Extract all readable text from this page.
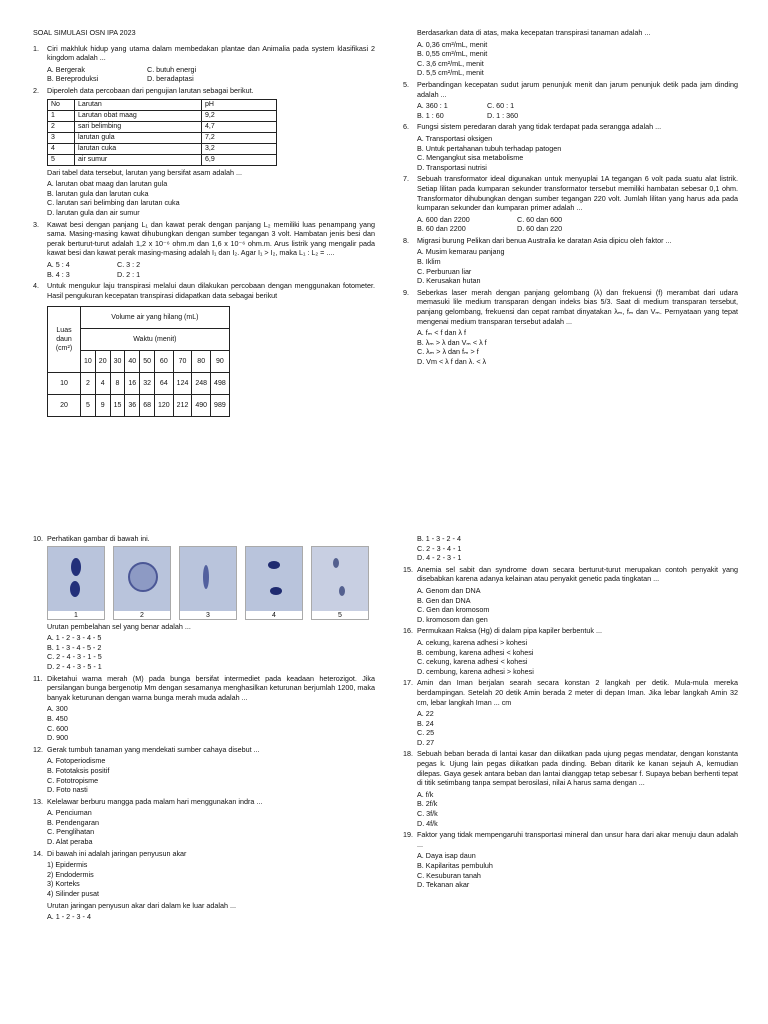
SOAL SIMULASI OSN IPA 2023
1.	Ciri makhluk hidup yang utama dalam membedakan plantae dan Animalia pada system klasifikasi 2 kingdom adalah ...
A. Bergerak	C. butuh energi
B. Bereproduksi	D. beradaptasi
2.	Diperoleh data percobaan dari pengujian larutan sebagai berikut.
No	Larutan	pH
1	Larutan obat maag	9,2
2	sari belimbing	4,7
3	larutan gula	7,2
4	larutan cuka	3,2
5	air sumur	6,9
Dari tabel data tersebut, larutan yang bersifat asam adalah ...
A. larutan obat maag dan larutan gula
B. larutan gula dan larutan cuka
C. larutan sari belimbing dan larutan cuka
D. larutan gula dan air sumur
3.	Kawat besi dengan panjang L₁ dan kawat perak dengan panjang L₂ memiliki luas penampang yang sama. Masing-masing kawat dihubungkan dengan sumber tegangan 3 volt. Hambatan jenis besi dan perak berturut-turut adalah 1,2 x 10⁻⁶ ohm.m dan 1,6 x 10⁻⁶ ohm.m. Arus listrik yang mengalir pada kawat besi dan kawat perak masing-masing adalah I₁ dan I₂. Agar I₁ > I₂, maka L₁ : L₂ = ....
A. 5 : 4	C. 3 : 2
B. 4 : 3	D. 2 : 1
4.	Untuk mengukur laju transpirasi melalui daun dilakukan percobaan dengan menggunakan fotometer. Hasil pengukuran kecepatan transpirasi didapatkan data sebagai berikut
Luas daun (cm²)	Volume air yang hilang (mL)								
	Waktu (menit)								
	10	20	30	40	50	60	70	80	90
10	2	4	8	16	32	64	124	248	498
20	5	9	15	36	68	120	212	490	989
Berdasarkan data di atas, maka kecepatan transpirasi tanaman adalah ...
A. 0,36 cm²/mL, menit
B. 0,55 cm²/mL, menit
C. 3,6 cm²/mL, menit
D. 5,5 cm²/mL, menit
5.	Perbandingan kecepatan sudut jarum penunjuk menit dan jarum penunjuk detik pada jam dinding adalah ...
A. 360 : 1	C. 60 : 1
B. 1 : 60	D. 1 : 360
6.	Fungsi sistem peredaran darah yang tidak terdapat pada serangga adalah ...
A. Transportasi oksigen
B. Untuk pertahanan tubuh terhadap patogen
C. Mengangkut sisa metabolisme
D. Transportasi nutrisi
7.	Sebuah transformator ideal digunakan untuk menyuplai 1A tegangan 6 volt pada suatu alat listrik. Setiap lilitan pada kumparan sekunder transformator tersebut memiliki hambatan sebesar 0,1 ohm. Transformator dihubungkan dengan sumber tegangan 220 volt. Jumlah lilitan yang harus ada pada kumparan sekunder dan kumparan primer adalah ...
A. 600 dan 2200	C. 60 dan 600
B. 60 dan 2200	D. 60 dan 220
8.	Migrasi burung Pelikan dari benua Australia ke daratan Asia dipicu oleh faktor ...
A. Musim kemarau panjang
B. Iklim
C. Perburuan liar
D. Kerusakan hutan
9.	Seberkas laser merah dengan panjang gelombang (λ) dan frekuensi (f) merambat dari udara memasuki lile medium transparan dengan indeks bias 5/3. Saat di medium transparan tersebut, panjang gelombang, frekuensi dan cepat rambat dinyatakan λₘ, fₘ dan Vₘ. Pernyataan yang tepat mengenai medium transparan tersebut adalah ...
A. fₘ < f dan λ f
B. λₘ > λ dan Vₘ < λ f
C. λₘ > λ dan fₘ > f
D. Vm < λ f dan λ. < λ
10. Perhatikan gambar di bawah ini.
1	2	3	4	5
Urutan pembelahan sel yang benar adalah ...
A. 1 - 2 - 3 - 4 - 5
B. 1 - 3 - 4 - 5 - 2
C. 2 - 4 - 3 - 1 - 5
D. 2 - 4 - 3 - 5 - 1
11. Diketahui warna merah (M) pada bunga bersifat intermediet pada keadaan heterozigot. Jika persilangan bunga bergenotip Mm dengan sesamanya menghasilkan keturunan berjumlah 1200, maka banyak keturunan dengan warna bunga merah muda adalah ...
A. 300
B. 450
C. 600
D. 900
12. Gerak tumbuh tanaman yang mendekati sumber cahaya disebut ...
A. Fotoperiodisme
B. Fototaksis positif
C. Fototropisme
D. Foto nasti
13. Kelelawar berburu mangga pada malam hari menggunakan indra ...
A. Penciuman
B. Pendengaran
C. Penglihatan
D. Alat peraba
14. Di bawah ini adalah jaringan penyusun akar
1) Epidermis
2) Endodermis
3) Korteks
4) Silinder pusat
Urutan jaringan penyusun akar dari dalam ke luar adalah ...
A. 1 - 2 - 3 - 4
B. 1 - 3 - 2 - 4
C. 2 - 3 - 4 - 1
D. 4 - 2 - 3 - 1
15. Anemia sel sabit dan syndrome down secara berturut-turut merupakan contoh penyakit yang disebabkan karena adanya kelainan atau penyakit genetic pada tingkatan ...
A. Genom dan DNA
B. Gen dan DNA
C. Gen dan kromosom
D. kromosom dan gen
16. Permukaan Raksa (Hg) di dalam pipa kapiler berbentuk ...
A. cekung, karena adhesi > kohesi
B. cembung, karena adhesi < kohesi
C. cekung, karena adhesi < kohesi
D. cembung, karena adhesi > kohesi
17. Amin dan Iman berjalan searah secara konstan 2 langkah per detik. Mula-mula mereka berdampingan. Setelah 20 detik Amin berada 2 meter di depan Iman. Jika lebar langkah Amin 32 cm, lebar langkah Iman ... cm
A. 22
B. 24
C. 25
D. 27
18. Sebuah beban berada di lantai kasar dan diikatkan pada ujung pegas mendatar, dengan konstanta pegas k. Ujung lain pegas diikatkan pada dinding. Beban ditarik ke kanan sejauh A, kemudian dilepas. Gaya gesek antara beban dan lantai dianggap tetap sebesar f. Supaya beban berhenti tepat di titik setimbang tanpa sempat berosilasi, nilai A harus sama dengan ...
A. f/k
B. 2f/k
C. 3f/k
D. 4f/k
19. Faktor yang tidak mempengaruhi transportasi mineral dan unsur hara dari akar menuju daun adalah ...
A. Daya isap daun
B. Kapilaritas pembuluh
C. Kesuburan tanah
D. Tekanan akar
